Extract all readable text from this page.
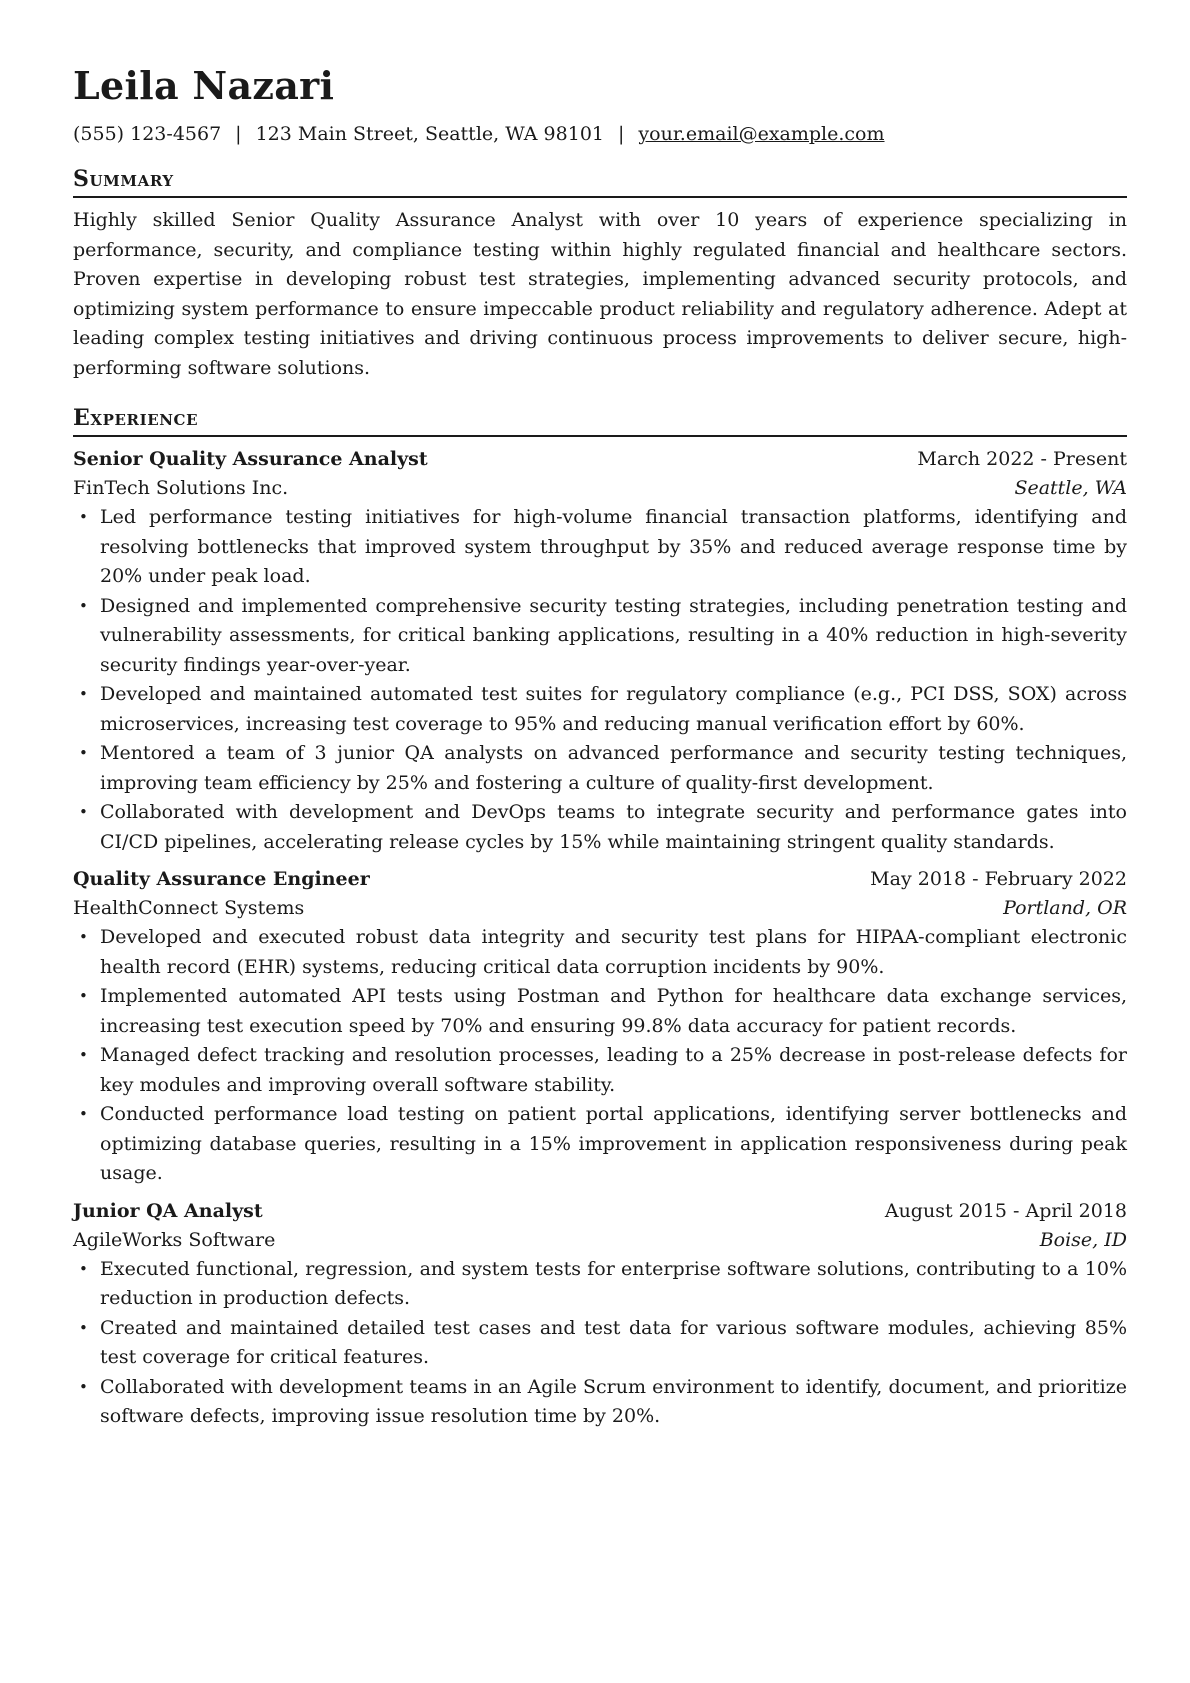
Leila Nazari
(555) 123-4567 | 123 Main Street, Seattle, WA 98101 | your.email@example.com
Summary

Highly skilled Senior Quality Assurance Analyst with over 10 years of experience specializing in performance, security, and compliance testing within highly regulated financial and healthcare sectors. Proven expertise in developing robust test strategies, implementing advanced security protocols, and optimizing system performance to ensure impeccable product reliability and regulatory adherence. Adept at leading complex testing initiatives and driving continuous process improvements to deliver secure, high-performing software solutions.

Experience
Senior Quality Assurance Analyst	March 2022 - Present
FinTech Solutions Inc.	Seattle, WA
• Led performance testing initiatives for high-volume financial transaction platforms, identifying and resolving bottlenecks that improved system throughput by 35% and reduced average response time by 20% under peak load.
• Designed and implemented comprehensive security testing strategies, including penetration testing and vulnerability assessments, for critical banking applications, resulting in a 40% reduction in high-severity security findings year-over-year.
• Developed and maintained automated test suites for regulatory compliance (e.g., PCI DSS, SOX) across microservices, increasing test coverage to 95% and reducing manual verification effort by 60%.
• Mentored a team of 3 junior QA analysts on advanced performance and security testing techniques, improving team efficiency by 25% and fostering a culture of quality-first development.
• Collaborated with development and DevOps teams to integrate security and performance gates into CI/CD pipelines, accelerating release cycles by 15% while maintaining stringent quality standards.
Quality Assurance Engineer	May 2018 - February 2022
HealthConnect Systems	Portland, OR
• Developed and executed robust data integrity and security test plans for HIPAA-compliant electronic health record (EHR) systems, reducing critical data corruption incidents by 90%.
• Implemented automated API tests using Postman and Python for healthcare data exchange services, increasing test execution speed by 70% and ensuring 99.8% data accuracy for patient records.
• Managed defect tracking and resolution processes, leading to a 25% decrease in post-release defects for key modules and improving overall software stability.
• Conducted performance load testing on patient portal applications, identifying server bottlenecks and optimizing database queries, resulting in a 15% improvement in application responsiveness during peak usage.
Junior QA Analyst	August 2015 - April 2018
AgileWorks Software	Boise, ID
• Executed functional, regression, and system tests for enterprise software solutions, contributing to a 10% reduction in production defects.
• Created and maintained detailed test cases and test data for various software modules, achieving 85% test coverage for critical features.
• Collaborated with development teams in an Agile Scrum environment to identify, document, and prioritize software defects, improving issue resolution time by 20%.
